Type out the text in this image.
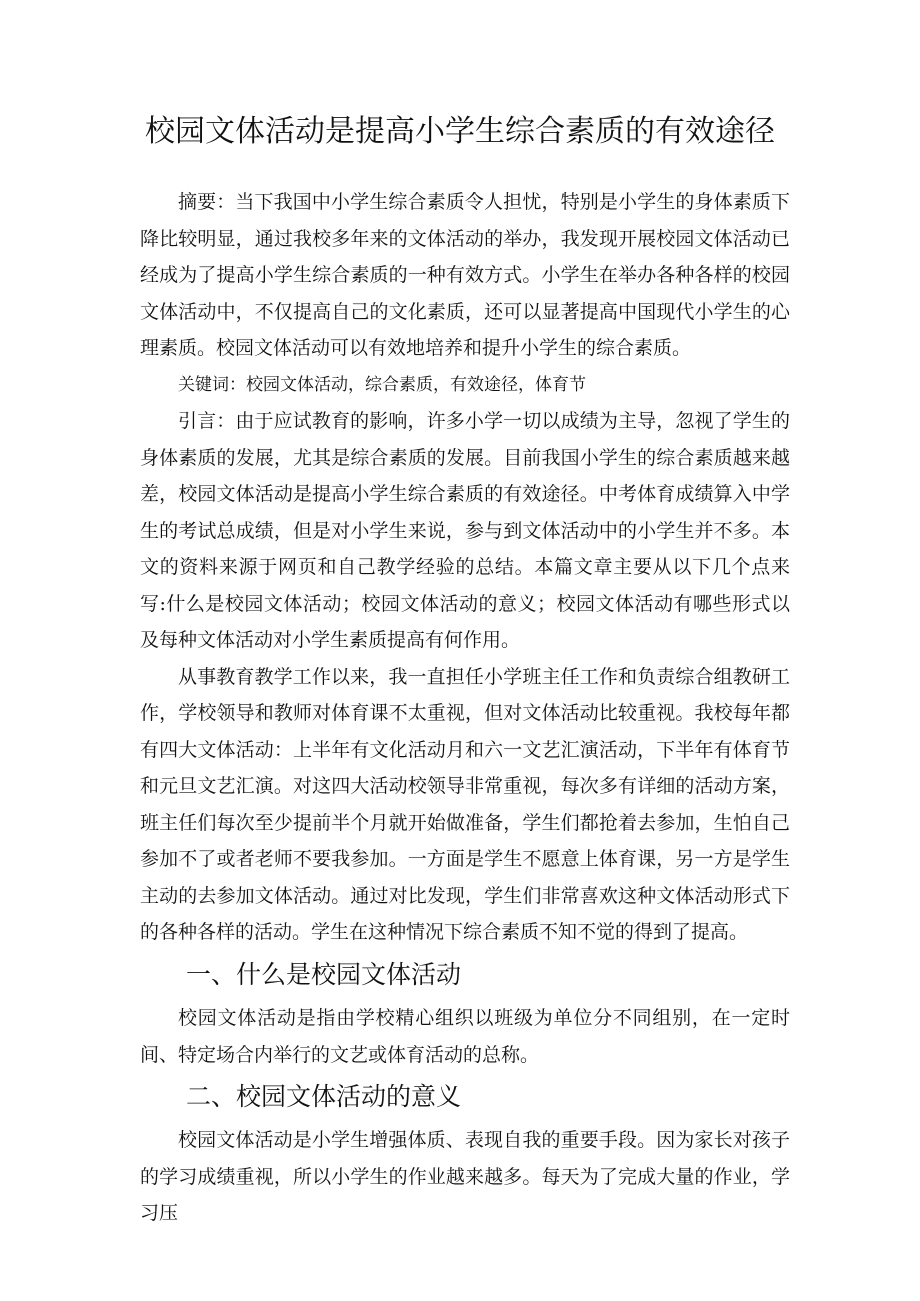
校园文体活动是提高小学生综合素质的有效途径

摘要：当下我国中小学生综合素质令人担忧，特别是小学生的身体素质下降比较明显，通过我校多年来的文体活动的举办，我发现开展校园文体活动已经成为了提高小学生综合素质的一种有效方式。小学生在举办各种各样的校园文体活动中，不仅提高自己的文化素质，还可以显著提高中国现代小学生的心理素质。校园文体活动可以有效地培养和提升小学生的综合素质。

关键词：校园文体活动，综合素质，有效途径，体育节

引言：由于应试教育的影响，许多小学一切以成绩为主导，忽视了学生的身体素质的发展，尤其是综合素质的发展。目前我国小学生的综合素质越来越差，校园文体活动是提高小学生综合素质的有效途径。中考体育成绩算入中学生的考试总成绩，但是对小学生来说，参与到文体活动中的小学生并不多。本文的资料来源于网页和自己教学经验的总结。本篇文章主要从以下几个点来写:什么是校园文体活动；校园文体活动的意义；校园文体活动有哪些形式以及每种文体活动对小学生素质提高有何作用。

从事教育教学工作以来，我一直担任小学班主任工作和负责综合组教研工作，学校领导和教师对体育课不太重视，但对文体活动比较重视。我校每年都有四大文体活动：上半年有文化活动月和六一文艺汇演活动，下半年有体育节和元旦文艺汇演。对这四大活动校领导非常重视，每次多有详细的活动方案，班主任们每次至少提前半个月就开始做准备，学生们都抢着去参加，生怕自己参加不了或者老师不要我参加。一方面是学生不愿意上体育课，另一方是学生主动的去参加文体活动。通过对比发现，学生们非常喜欢这种文体活动形式下的各种各样的活动。学生在这种情况下综合素质不知不觉的得到了提高。

一、什么是校园文体活动

校园文体活动是指由学校精心组织以班级为单位分不同组别，在一定时间、特定场合内举行的文艺或体育活动的总称。

二、校园文体活动的意义

校园文体活动是小学生增强体质、表现自我的重要手段。因为家长对孩子的学习成绩重视，所以小学生的作业越来越多。每天为了完成大量的作业，学习压
